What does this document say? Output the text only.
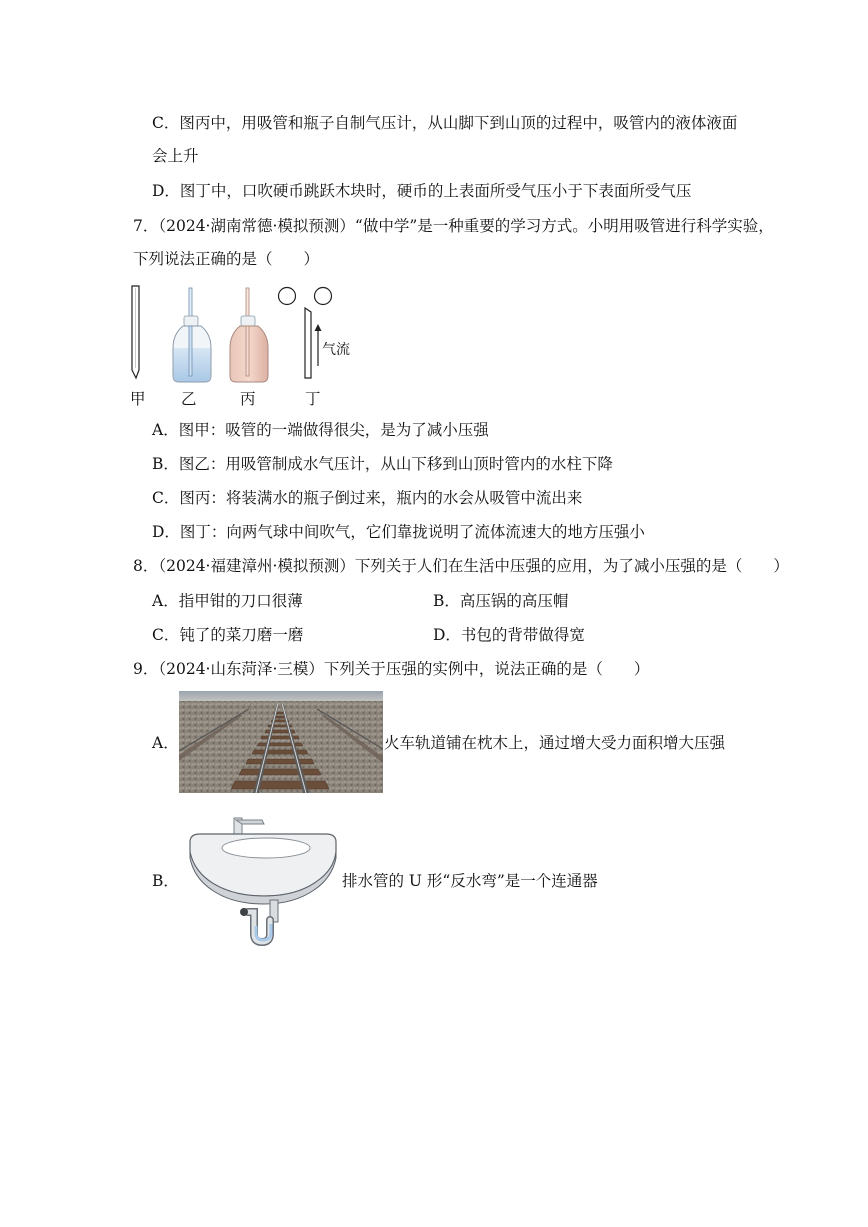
C．图丙中，用吸管和瓶子自制气压计，从山脚下到山顶的过程中，吸管内的液体液面
会上升
D．图丁中，口吹硬币跳跃木块时，硬币的上表面所受气压小于下表面所受气压
7．（2024·湖南常德·模拟预测）“做中学”是一种重要的学习方式。小明用吸管进行科学实验，
下列说法正确的是（　　）
气流
甲 乙	丙	丁
A．图甲：吸管的一端做得很尖，是为了减小压强
B．图乙：用吸管制成水气压计，从山下移到山顶时管内的水柱下降
C．图丙：将装满水的瓶子倒过来，瓶内的水会从吸管中流出来
D．图丁：向两气球中间吹气，它们靠拢说明了流体流速大的地方压强小
8．（2024·福建漳州·模拟预测）下列关于人们在生活中压强的应用，为了减小压强的是（　　）
A．指甲钳的刀口很薄	B．高压锅的高压帽
C．钝了的菜刀磨一磨	D．书包的背带做得宽
9．（2024·山东菏泽·三模）下列关于压强的实例中，说法正确的是（　　）
A．	火车轨道铺在枕木上，通过增大受力面积增大压强
B．	排水管的 U 形“反水弯”是一个连通器
